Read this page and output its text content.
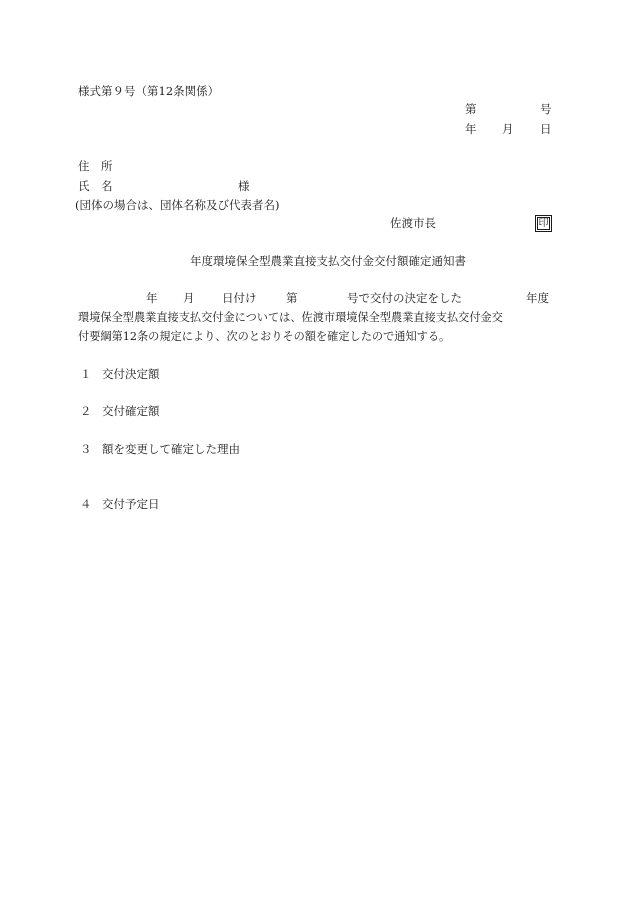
様式第９号（第12条関係）
第	号
年 月 日
住　所
氏　名	様
(団体の場合は、団体名称及び代表者名)
佐渡市長	印
年度環境保全型農業直接支払交付金交付額確定通知書
年 月 日付け	第	号で交付の決定をした	年度
環境保全型農業直接支払交付金については、佐渡市環境保全型農業直接支払交付金交
付要綱第12条の規定により、次のとおりその額を確定したので通知する。
１ 交付決定額
２ 交付確定額
３ 額を変更して確定した理由
４ 交付予定日
